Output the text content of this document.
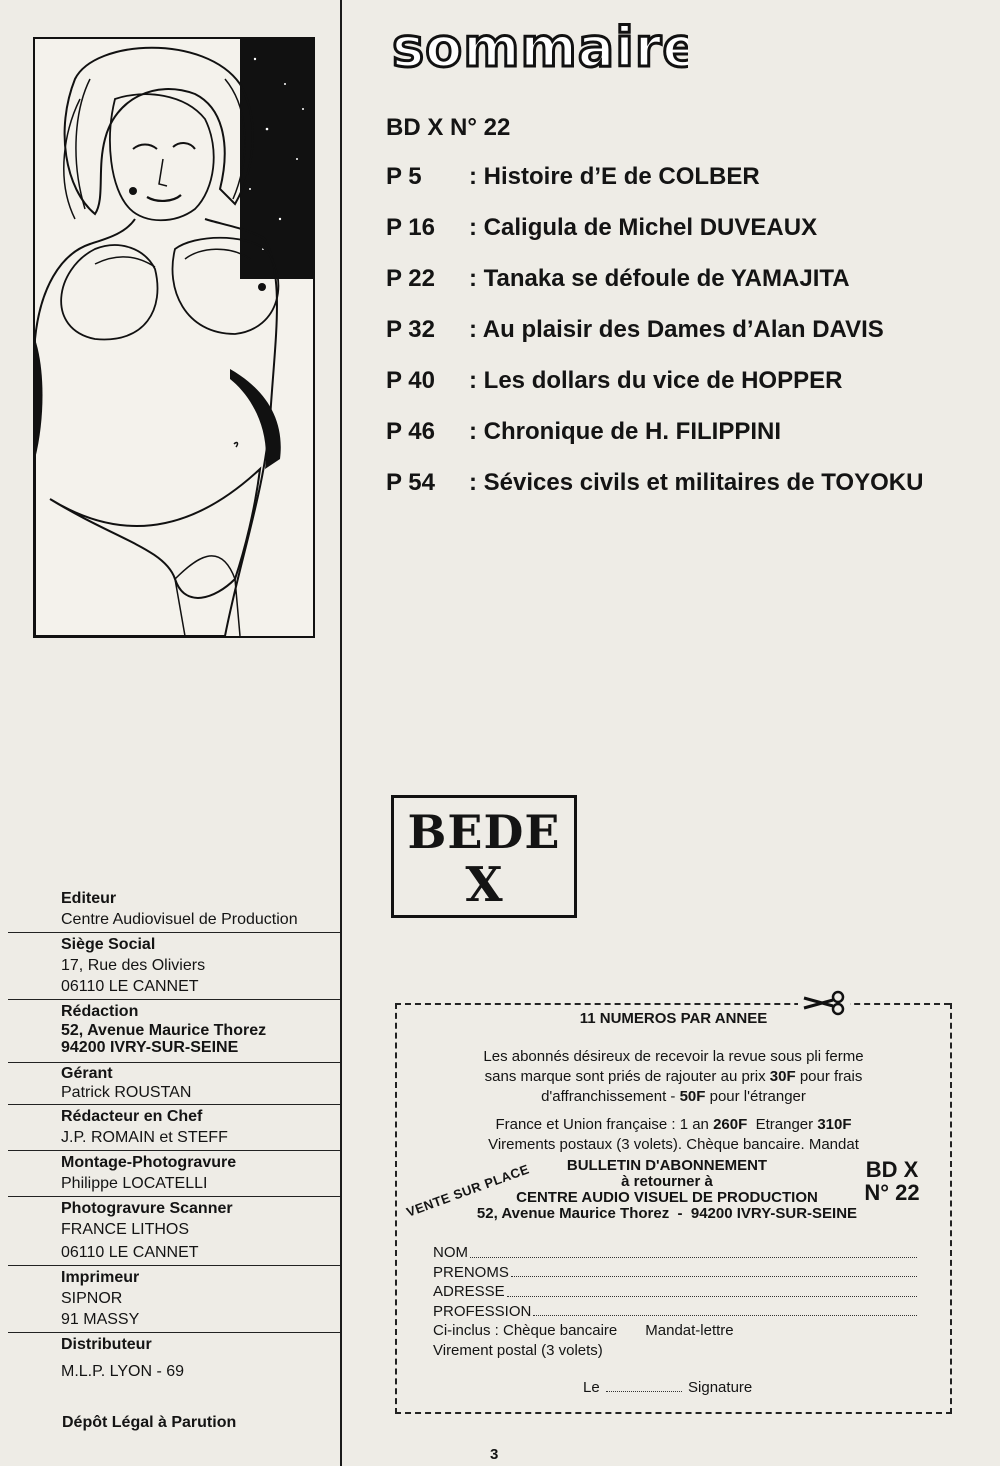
sommaire
BD X N° 22
P 5 : Histoire d’E de COLBER
P 16 : Caligula de Michel DUVEAUX
P 22 : Tanaka se défoule de YAMAJITA
P 32 : Au plaisir des Dames d’Alan DAVIS
P 40 : Les dollars du vice de HOPPER
P 46 : Chronique de H. FILIPPINI
P 54 : Sévices civils et militaires de TOYOKU
BEDE
X
Editeur
Centre Audiovisuel de Production
Siège Social
17, Rue des Oliviers
06110 LE CANNET
Rédaction
52, Avenue Maurice Thorez
94200 IVRY-SUR-SEINE
Gérant
Patrick ROUSTAN
Rédacteur en Chef
J.P. ROMAIN et STEFF
Montage-Photogravure
Philippe LOCATELLI
Photogravure Scanner
FRANCE LITHOS
06110 LE CANNET
Imprimeur
SIPNOR
91 MASSY
Distributeur
M.L.P. LYON - 69
Dépôt Légal à Parution
3
11 NUMEROS PAR ANNEE
Les abonnés désireux de recevoir la revue sous pli ferme
sans marque sont priés de rajouter au prix 30F pour frais
d'affranchissement - 50F pour l'étranger
France et Union française : 1 an 260F  Etranger 310F
Virements postaux (3 volets). Chèque bancaire. Mandat
BULLETIN D'ABONNEMENT
à retourner à
CENTRE AUDIO VISUEL DE PRODUCTION
52, Avenue Maurice Thorez  -  94200 IVRY-SUR-SEINE
BD X
N° 22
VENTE SUR PLACE
NOM
PRENOMS
ADRESSE
PROFESSION
Ci-inclus : Chèque bancaire Mandat-lettre
Virement postal (3 volets)
Le	Signature
